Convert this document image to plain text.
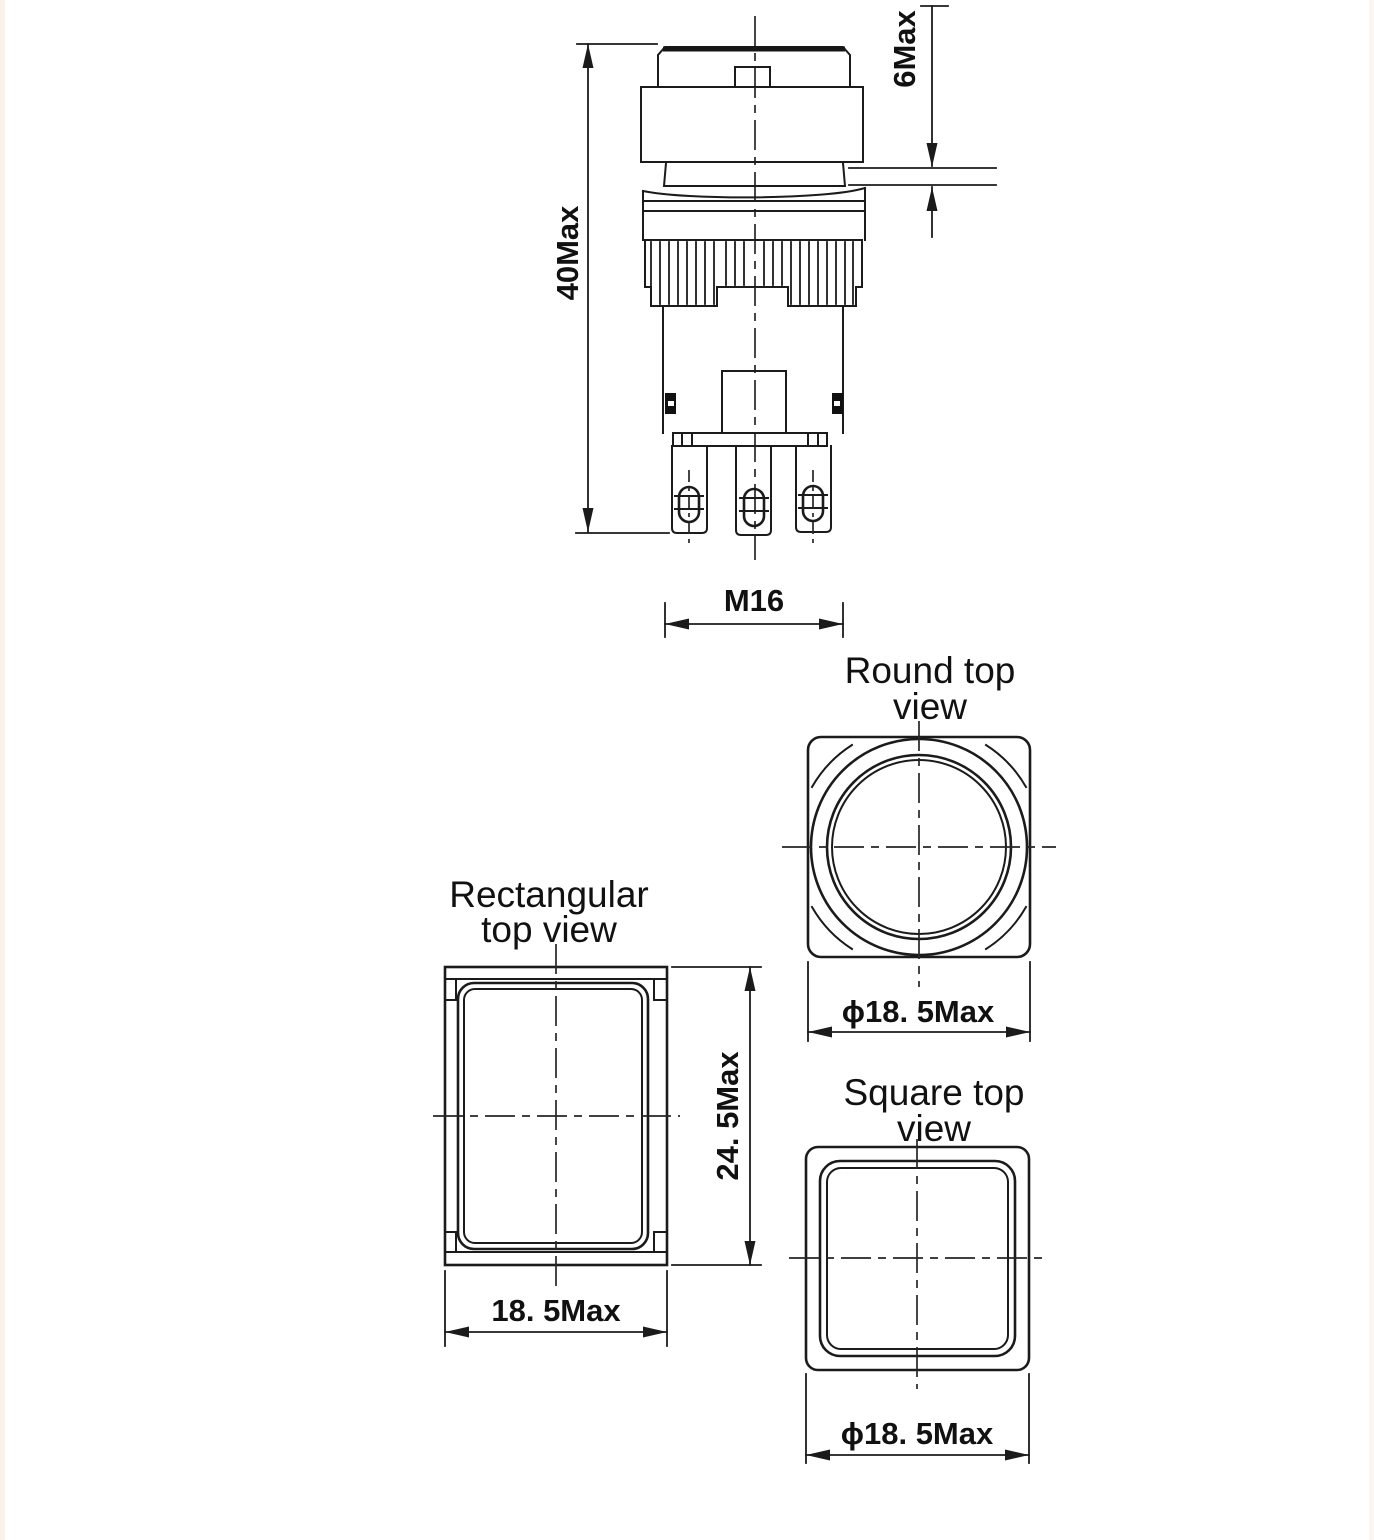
40Max
6Max
M16
Round top
view
ϕ18. 5Max
Rectangular
top view
24. 5Max
18. 5Max
Square top
view
ϕ18. 5Max
